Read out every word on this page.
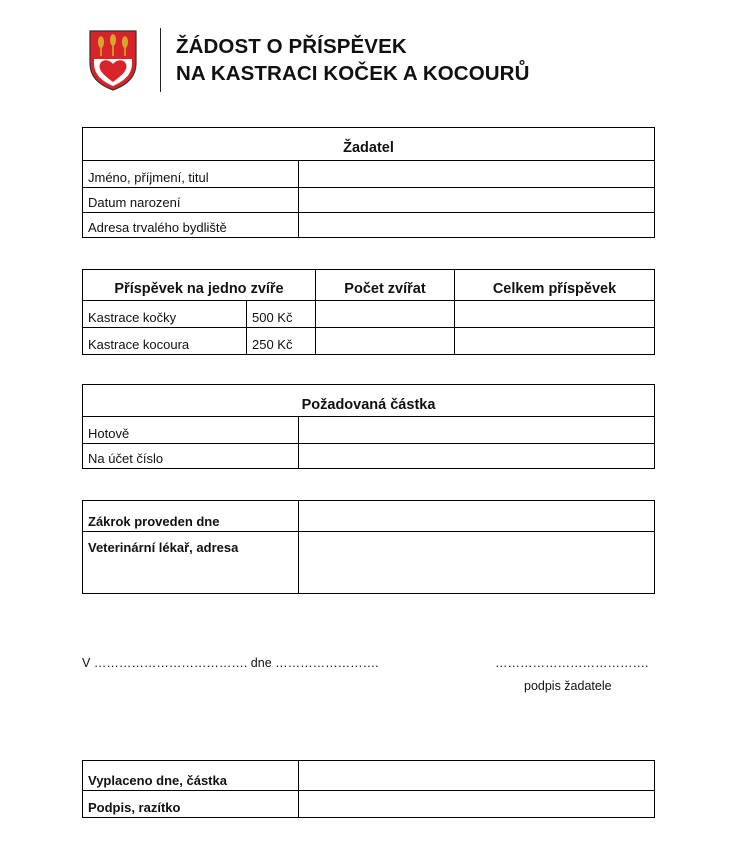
ŽÁDOST O PŘÍSPĚVEK
NA KASTRACI KOČEK A KOCOURŮ
Žadatel	
Jméno, příjmení, titul	
Datum narození	
Adresa trvalého bydliště	
Příspěvek na jedno zvíře		Počet zvířat	Celkem příspěvek
Kastrace kočky	500 Kč		
Kastrace kocoura	250 Kč		
Požadovaná částka	
Hotově	
Na účet číslo	
Zákrok proveden dne	
Veterinární lékař, adresa	
V ………………………………. dne …………………….	……………………………….
podpis žadatele
Vyplaceno dne, částka	
Podpis, razítko	
